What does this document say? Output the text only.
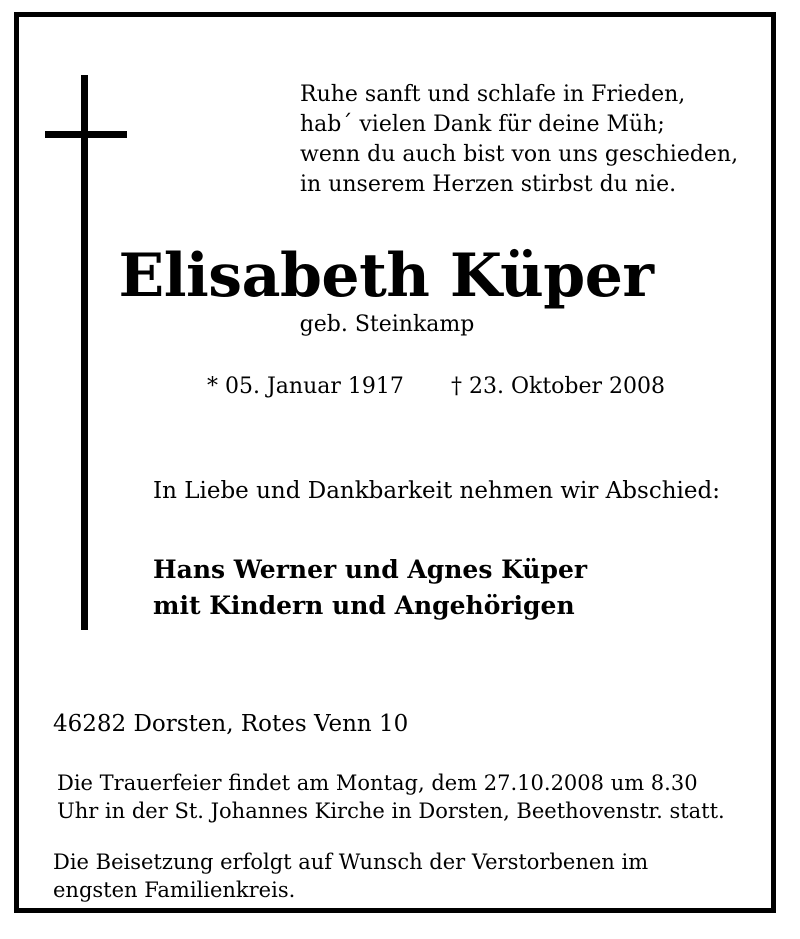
Ruhe sanft und schlafe in Frieden,
hab´ vielen Dank für deine Müh;
wenn du auch bist von uns geschieden,
in unserem Herzen stirbst du nie.
Elisabeth Küper
geb. Steinkamp
* 05. Januar 1917 † 23. Oktober 2008
In Liebe und Dankbarkeit nehmen wir Abschied:
Hans Werner und Agnes Küper
mit Kindern und Angehörigen
46282 Dorsten, Rotes Venn 10
Die Trauerfeier findet am Montag, dem 27.10.2008 um 8.30
Uhr in der St. Johannes Kirche in Dorsten, Beethovenstr. statt.
Die Beisetzung erfolgt auf Wunsch der Verstorbenen im
engsten Familienkreis.
